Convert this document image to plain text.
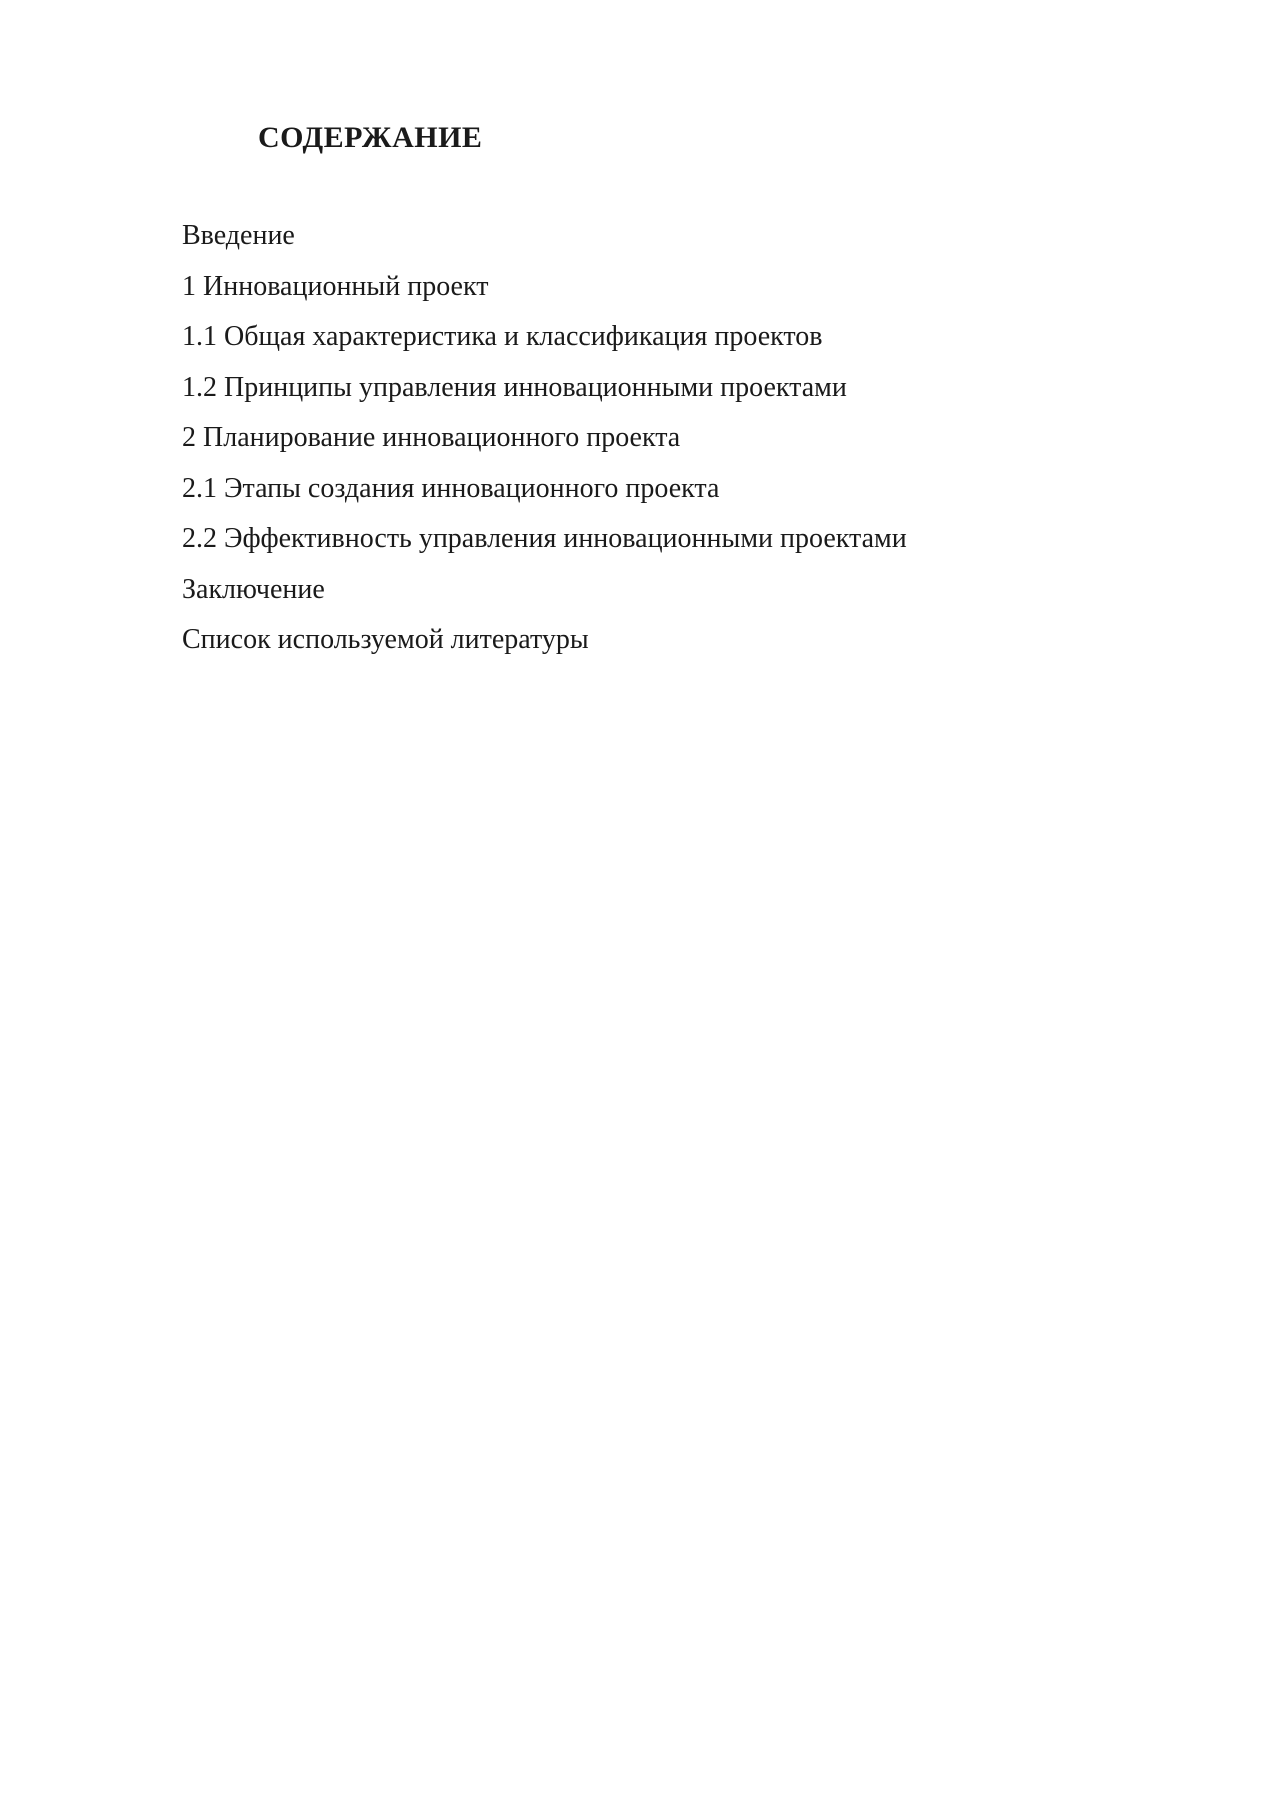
СОДЕРЖАНИЕ
Введение
1 Инновационный проект
1.1 Общая характеристика и классификация проектов
1.2 Принципы управления инновационными проектами
2 Планирование инновационного проекта
2.1 Этапы создания инновационного проекта
2.2 Эффективность управления инновационными проектами
Заключение
Список используемой литературы
